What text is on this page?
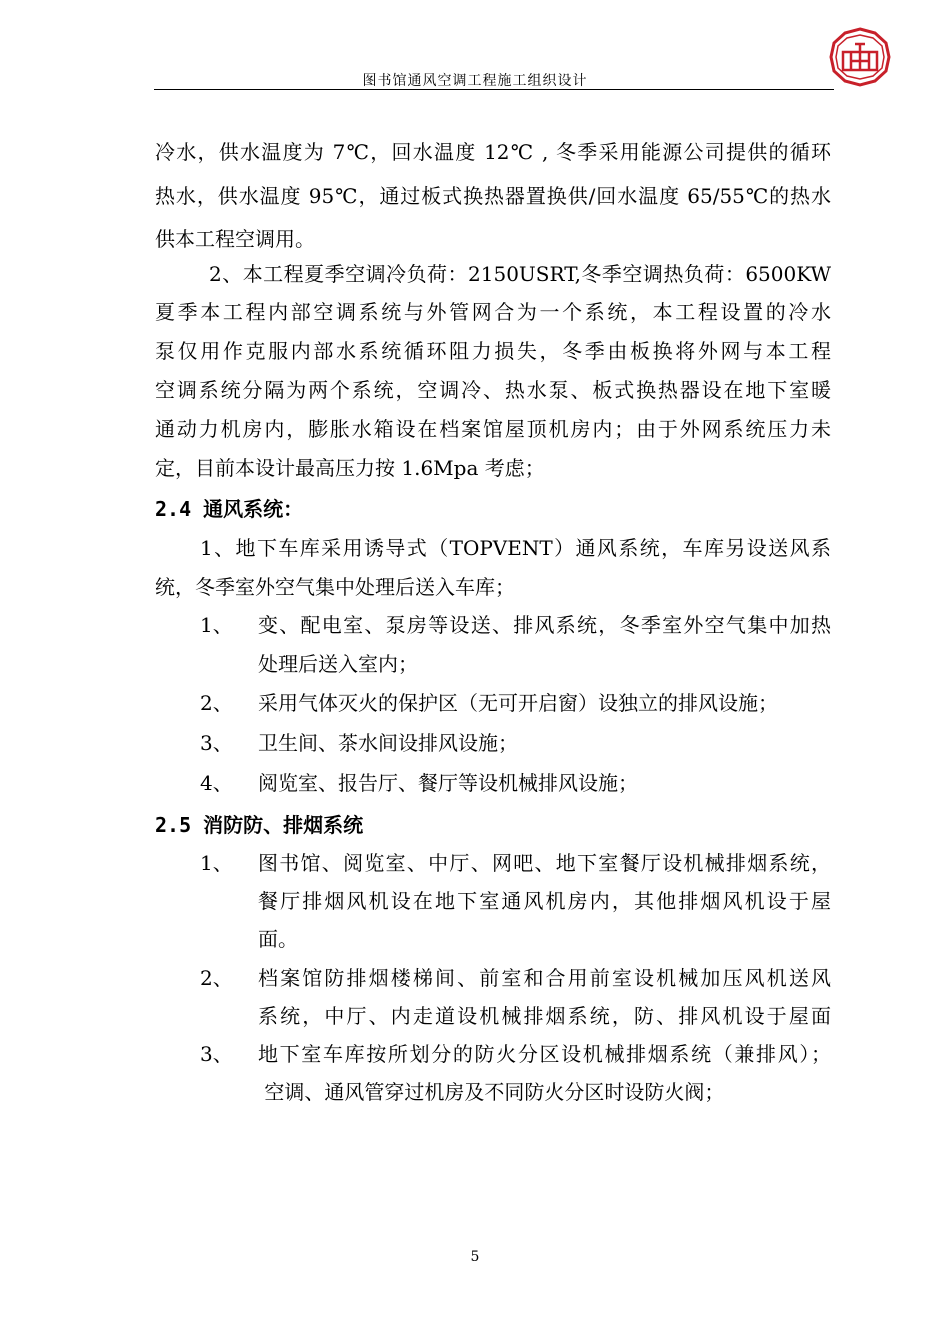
图书馆通风空调工程施工组织设计
冷水，供水温度为 7℃，回水温度 12℃ , 冬季采用能源公司提供的循环
热水，供水温度 95℃，通过板式换热器置换供/回水温度 65/55℃的热水
供本工程空调用。
2、本工程夏季空调冷负荷：2150USRT,冬季空调热负荷：6500KW
夏季本工程内部空调系统与外管网合为一个系统，本工程设置的冷水
泵仅用作克服内部水系统循环阻力损失，冬季由板换将外网与本工程
空调系统分隔为两个系统，空调冷、热水泵、板式换热器设在地下室暖
通动力机房内，膨胀水箱设在档案馆屋顶机房内；由于外网系统压力未
定，目前本设计最高压力按 1.6Mpa 考虑；
2.4 通风系统：
1、地下车库采用诱导式（TOPVENT）通风系统，车库另设送风系
统，冬季室外空气集中处理后送入车库；
1、 变、配电室、泵房等设送、排风系统，冬季室外空气集中加热
处理后送入室内；
2、 采用气体灭火的保护区（无可开启窗）设独立的排风设施；
3、 卫生间、茶水间设排风设施；
4、 阅览室、报告厅、餐厅等设机械排风设施；
2.5 消防防、排烟系统
1、 图书馆、阅览室、中厅、网吧、地下室餐厅设机械排烟系统，
餐厅排烟风机设在地下室通风机房内，其他排烟风机设于屋
面。
2、 档案馆防排烟楼梯间、前室和合用前室设机械加压风机送风
系统，中厅、内走道设机械排烟系统，防、排风机设于屋面
3、 地下室车库按所划分的防火分区设机械排烟系统（兼排风）；
空调、通风管穿过机房及不同防火分区时设防火阀；
5
